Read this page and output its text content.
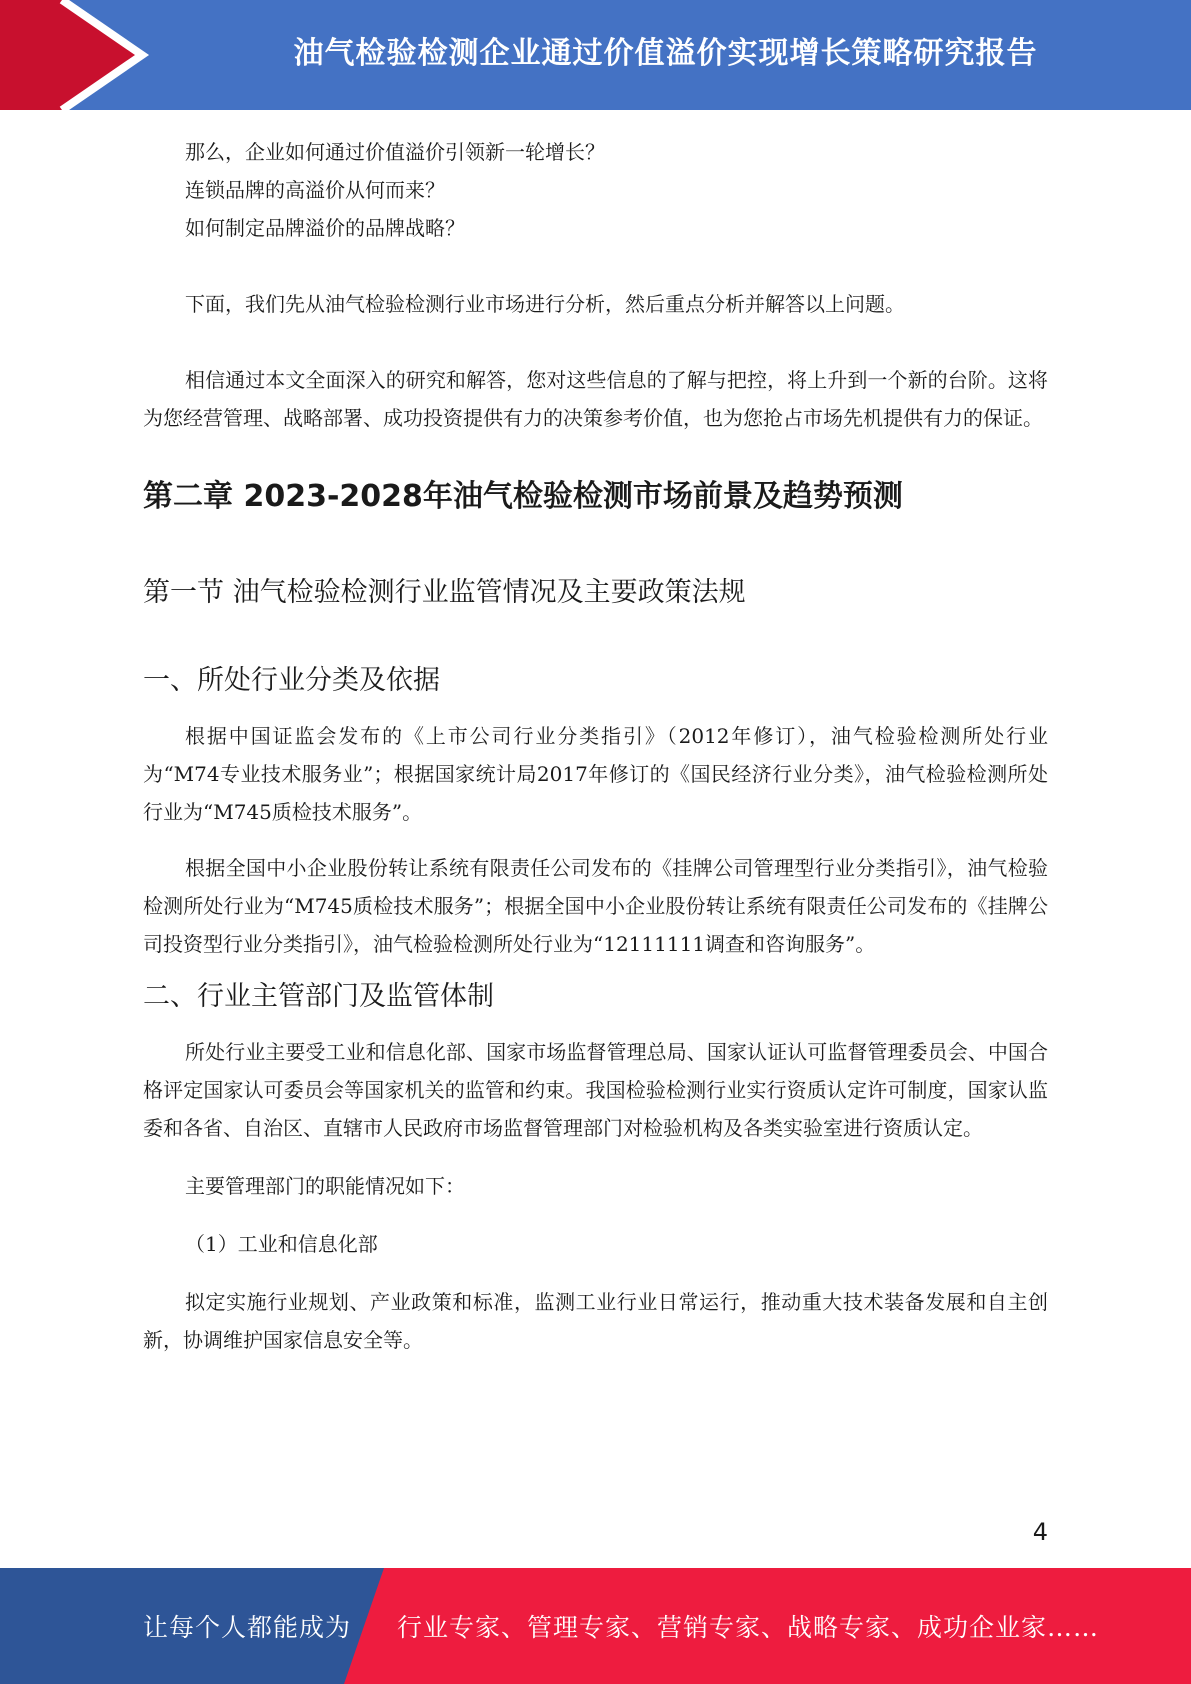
油气检验检测企业通过价值溢价实现增长策略研究报告

那么，企业如何通过价值溢价引领新一轮增长？

连锁品牌的高溢价从何而来？

如何制定品牌溢价的品牌战略？

下面，我们先从油气检验检测行业市场进行分析，然后重点分析并解答以上问题。

相信通过本文全面深入的研究和解答，您对这些信息的了解与把控，将上升到一个新的台阶。这将为您经营管理、战略部署、成功投资提供有力的决策参考价值，也为您抢占市场先机提供有力的保证。

第二章 2023-2028年油气检验检测市场前景及趋势预测
第一节 油气检验检测行业监管情况及主要政策法规
一、所处行业分类及依据

根据中国证监会发布的《上市公司行业分类指引》（2012年修订），油气检验检测所处行业为“M74专业技术服务业”；根据国家统计局2017年修订的《国民经济行业分类》，油气检验检测所处行业为“M745质检技术服务”。

根据全国中小企业股份转让系统有限责任公司发布的《挂牌公司管理型行业分类指引》，油气检验检测所处行业为“M745质检技术服务”；根据全国中小企业股份转让系统有限责任公司发布的《挂牌公司投资型行业分类指引》，油气检验检测所处行业为“12111111调查和咨询服务”。

二、行业主管部门及监管体制

所处行业主要受工业和信息化部、国家市场监督管理总局、国家认证认可监督管理委员会、中国合格评定国家认可委员会等国家机关的监管和约束。我国检验检测行业实行资质认定许可制度，国家认监委和各省、自治区、直辖市人民政府市场监督管理部门对检验机构及各类实验室进行资质认定。

主要管理部门的职能情况如下：

（1）工业和信息化部

拟定实施行业规划、产业政策和标准，监测工业行业日常运行，推动重大技术装备发展和自主创新，协调维护国家信息安全等。

4
让每个人都能成为 行业专家、管理专家、营销专家、战略专家、成功企业家……
